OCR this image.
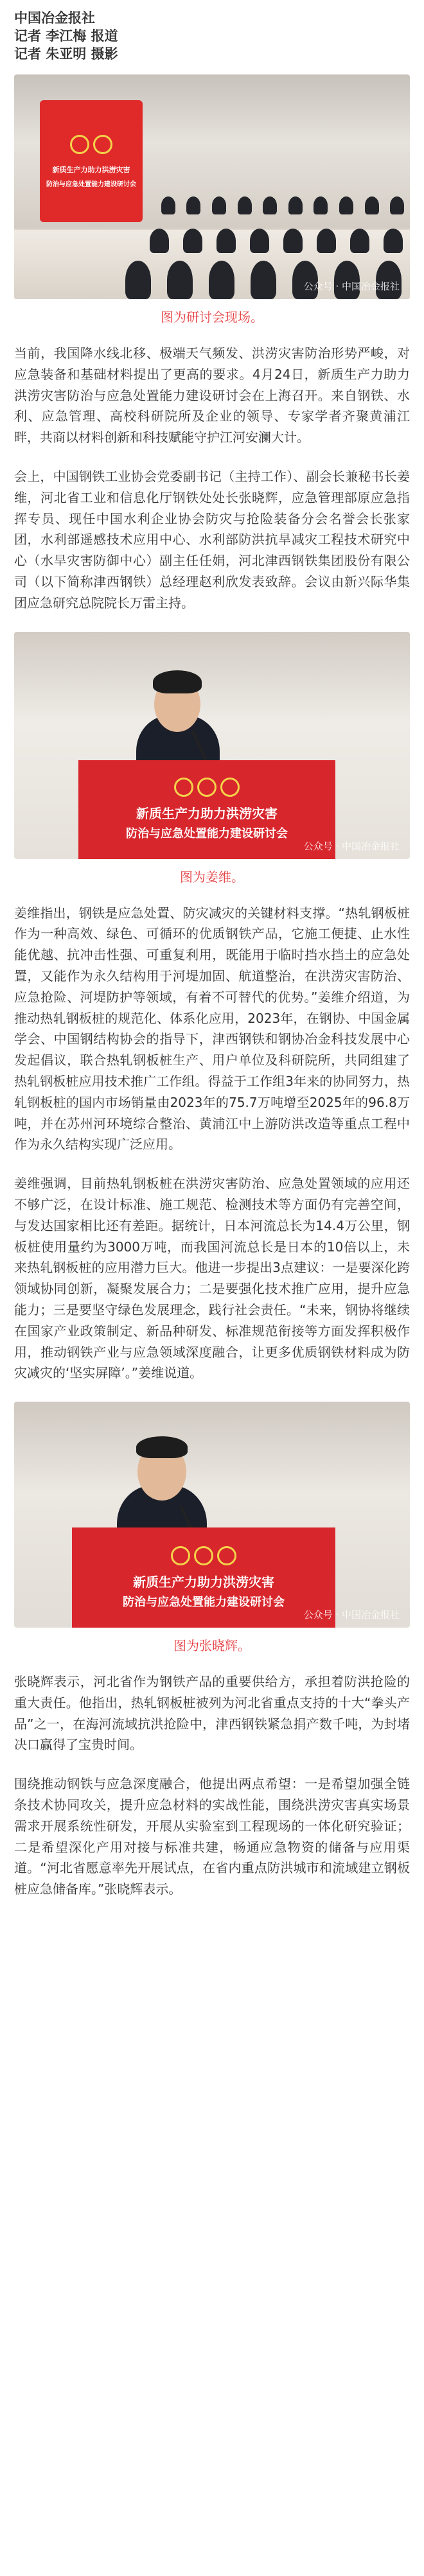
中国冶金报社
记者 李江梅 报道
记者 朱亚明 摄影
新质生产力助力洪涝灾害
防治与应急处置能力建设研讨会
公众号 · 中国冶金报社
图为研讨会现场。

当前，我国降水线北移、极端天气频发、洪涝灾害防治形势严峻，对应急装备和基础材料提出了更高的要求。4月24日，新质生产力助力洪涝灾害防治与应急处置能力建设研讨会在上海召开。来自钢铁、水利、应急管理、高校科研院所及企业的领导、专家学者齐聚黄浦江畔，共商以材料创新和科技赋能守护江河安澜大计。

会上，中国钢铁工业协会党委副书记（主持工作）、副会长兼秘书长姜维，河北省工业和信息化厅钢铁处处长张晓辉，应急管理部原应急指挥专员、现任中国水利企业协会防灾与抢险装备分会名誉会长张家团，水利部遥感技术应用中心、水利部防洪抗旱减灾工程技术研究中心（水旱灾害防御中心）副主任任娟，河北津西钢铁集团股份有限公司（以下简称津西钢铁）总经理赵利欣发表致辞。会议由新兴际华集团应急研究总院院长万雷主持。

新质生产力助力洪涝灾害
防治与应急处置能力建设研讨会
公众号 · 中国冶金报社
图为姜维。

姜维指出，钢铁是应急处置、防灾减灾的关键材料支撑。“热轧钢板桩作为一种高效、绿色、可循环的优质钢铁产品，它施工便捷、止水性能优越、抗冲击性强、可重复利用，既能用于临时挡水挡土的应急处置，又能作为永久结构用于河堤加固、航道整治，在洪涝灾害防治、应急抢险、河堤防护等领域，有着不可替代的优势。”姜维介绍道，为推动热轧钢板桩的规范化、体系化应用，2023年，在钢协、中国金属学会、中国钢结构协会的指导下，津西钢铁和钢协冶金科技发展中心发起倡议，联合热轧钢板桩生产、用户单位及科研院所，共同组建了热轧钢板桩应用技术推广工作组。得益于工作组3年来的协同努力，热轧钢板桩的国内市场销量由2023年的75.7万吨增至2025年的96.8万吨，并在苏州河环境综合整治、黄浦江中上游防洪改造等重点工程中作为永久结构实现广泛应用。

姜维强调，目前热轧钢板桩在洪涝灾害防治、应急处置领域的应用还不够广泛，在设计标准、施工规范、检测技术等方面仍有完善空间，与发达国家相比还有差距。据统计，日本河流总长为14.4万公里，钢板桩使用量约为3000万吨，而我国河流总长是日本的10倍以上，未来热轧钢板桩的应用潜力巨大。他进一步提出3点建议：一是要深化跨领域协同创新，凝聚发展合力；二是要强化技术推广应用，提升应急能力；三是要坚守绿色发展理念，践行社会责任。“未来，钢协将继续在国家产业政策制定、新品种研发、标准规范衔接等方面发挥积极作用，推动钢铁产业与应急领域深度融合，让更多优质钢铁材料成为防灾减灾的‘坚实屏障’。”姜维说道。

新质生产力助力洪涝灾害
防治与应急处置能力建设研讨会
公众号 · 中国冶金报社
图为张晓辉。

张晓辉表示，河北省作为钢铁产品的重要供给方，承担着防洪抢险的重大责任。他指出，热轧钢板桩被列为河北省重点支持的十大“拳头产品”之一，在海河流域抗洪抢险中，津西钢铁紧急捐产数千吨，为封堵决口赢得了宝贵时间。

围绕推动钢铁与应急深度融合，他提出两点希望：一是希望加强全链条技术协同攻关，提升应急材料的实战性能，围绕洪涝灾害真实场景需求开展系统性研发，开展从实验室到工程现场的一体化研究验证；二是希望深化产用对接与标准共建，畅通应急物资的储备与应用渠道。“河北省愿意率先开展试点，在省内重点防洪城市和流域建立钢板桩应急储备库。”张晓辉表示。
